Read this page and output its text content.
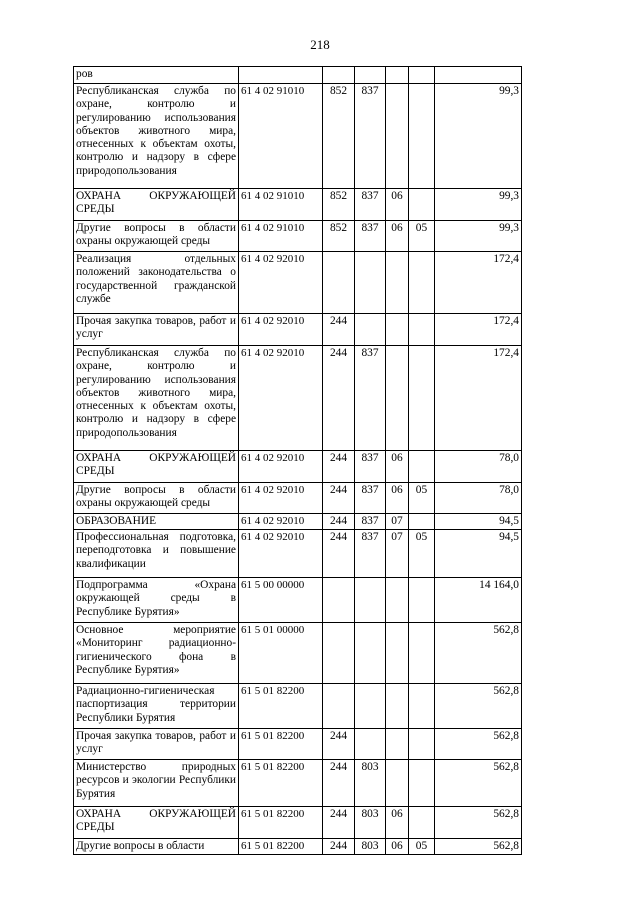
218
ров						
Республиканская служба по охране, контролю и регулированию использования объектов животного мира, отнесенных к объектам охоты, контролю и надзору в сфере природопользования	61 4 02 91010	852	837			99,3
ОХРАНА ОКРУЖАЮЩЕЙ СРЕДЫ	61 4 02 91010	852	837	06		99,3
Другие вопросы в области охраны окружающей среды	61 4 02 91010	852	837	06	05	99,3
Реализация отдельных положений законодательства о государственной гражданской службе	61 4 02 92010					172,4
Прочая закупка товаров, работ и услуг	61 4 02 92010	244				172,4
Республиканская служба по охране, контролю и регулированию использования объектов животного мира, отнесенных к объектам охоты, контролю и надзору в сфере природопользования	61 4 02 92010	244	837			172,4
ОХРАНА ОКРУЖАЮЩЕЙ СРЕДЫ	61 4 02 92010	244	837	06		78,0
Другие вопросы в области охраны окружающей среды	61 4 02 92010	244	837	06	05	78,0
ОБРАЗОВАНИЕ	61 4 02 92010	244	837	07		94,5
Профессиональная подготовка, переподготовка и повышение квалификации	61 4 02 92010	244	837	07	05	94,5
Подпрограмма «Охрана окружающей среды в Республике Бурятия»	61 5 00 00000					14 164,0
Основное мероприятие «Мониторинг радиационно-гигиенического фона в Республике Бурятия»	61 5 01 00000					562,8
Радиационно-гигиеническая паспортизация территории Республики Бурятия	61 5 01 82200					562,8
Прочая закупка товаров, работ и услуг	61 5 01 82200	244				562,8
Министерство природных ресурсов и экологии Республики Бурятия	61 5 01 82200	244	803			562,8
ОХРАНА ОКРУЖАЮЩЕЙ СРЕДЫ	61 5 01 82200	244	803	06		562,8
Другие вопросы в области	61 5 01 82200	244	803	06	05	562,8
